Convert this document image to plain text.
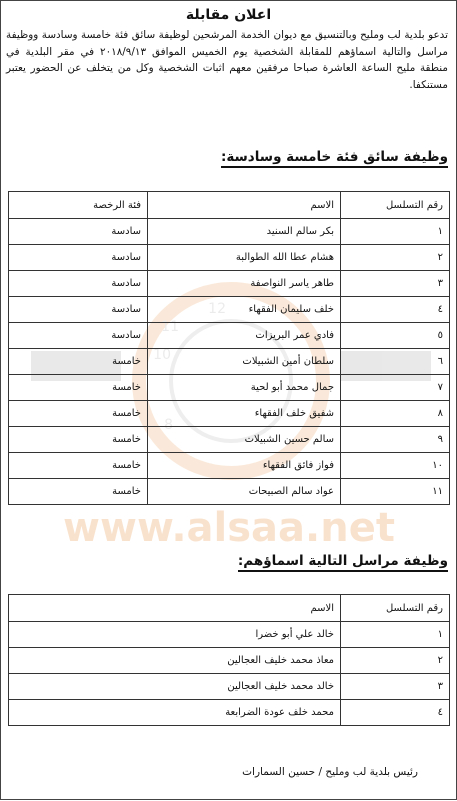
11
12
10
8
www.alsaa.net
اعلان مقابلة
تدعو بلدية لب ومليح وبالتنسيق مع ديوان الخدمة المرشحين لوظيفة سائق فئة خامسة وسادسة ووظيفة مراسل والتالية اسماؤهم للمقابلة الشخصية يوم الخميس الموافق ٢٠١٨/٩/١٣ في مقر البلدية في منطقة مليح الساعة العاشرة صباحا مرفقين معهم اثبات الشخصية وكل من يتخلف عن الحضور يعتبر مستنكفا.
وظيفة سائق فئة خامسة وسادسة:
رقم التسلسل	الاسم	فئة الرخصة
١	بكر سالم السنيد	سادسة
٢	هشام عطا الله الطوالبة	سادسة
٣	طاهر ياسر النواصفة	سادسة
٤	خلف سليمان الفقهاء	سادسة
٥	فادي عمر البريزات	سادسة
٦	سلطان أمين الشبيلات	خامسة
٧	جمال محمد أبو لحية	خامسة
٨	شفيق خلف الفقهاء	خامسة
٩	سالم حسين الشبيلات	خامسة
١٠	فواز فائق الفقهاء	خامسة
١١	عواد سالم الصبيحات	خامسة
وظيفة مراسل التالية اسماؤهم:
رقم التسلسل	الاسم
١	خالد علي أبو خضرا
٢	معاذ محمد خليف العجالين
٣	خالد محمد خليف العجالين
٤	محمد خلف عودة الضرابعة
رئيس بلدية لب ومليح / حسين السمارات
